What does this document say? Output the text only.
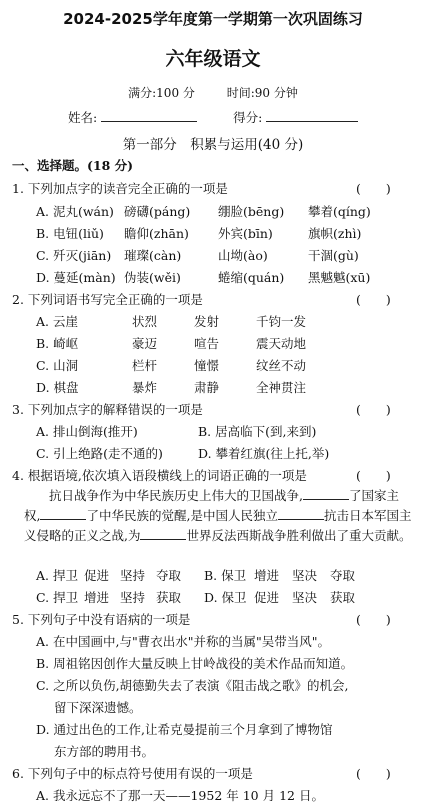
2024-2025学年度第一学期第一次巩固练习
六年级语文
满分:100 分	时间:90 分钟
姓名:	得分:
第一部分　积累与运用(40 分)
一、选择题。(18 分)
1. 下列加点字的读音完全正确的一项是	(　　)
A. 泥丸(wán) 磅礴(páng) 绷脸(bēng) 攀着(qíng)
B. 电钮(liǔ) 瞻仰(zhān) 外宾(bīn)	旗帜(zhì)
C. 歼灭(jiān) 璀璨(càn)	山坳(ào)	干涸(gù)
D. 蔓延(màn) 伪装(wěi)	蜷缩(quán) 黑魆魆(xū)
2. 下列词语书写完全正确的一项是	(　　)
A. 云崖	状烈	发射	千钧一发
B. 崎岖	豪迈	喧告	震天动地
C. 山洞	栏杆	憧憬	纹丝不动
D. 棋盘	暴炸	肃静	全神贯注
3. 下列加点字的解释错误的一项是	(　　)
A. 排山倒海(推开)	B. 居高临下(到,来到)
C. 引上绝路(走不通的)	D. 攀着红旗(往上托,举)
4. 根据语境,依次填入语段横线上的词语正确的一项是	(　　)
抗日战争作为中华民族历史上伟大的卫国战争,	了国家主权,	了中华民族的觉醒,是中国人民独立	抗击日本军国主义侵略的正义之战,为	世界反法西斯战争胜利做出了重大贡献。
A. 捍卫 促进 坚持 夺取 B. 保卫 增进 坚决 夺取
C. 捍卫 增进 坚持 获取 D. 保卫 促进 坚决 获取
5. 下列句子中没有语病的一项是	(　　)
A. 在中国画中,与"曹衣出水"并称的当属"吴带当风"。
B. 周祖铭因创作大量反映上甘岭战役的美术作品而知道。
C. 之所以负伤,胡德勤失去了表演《阻击战之歌》的机会,
留下深深遗憾。
D. 通过出色的工作,让希克曼提前三个月拿到了博物馆
东方部的聘用书。
6. 下列句子中的标点符号使用有误的一项是	(　　)
A. 我永远忘不了那一天——1952 年 10 月 12 日。
